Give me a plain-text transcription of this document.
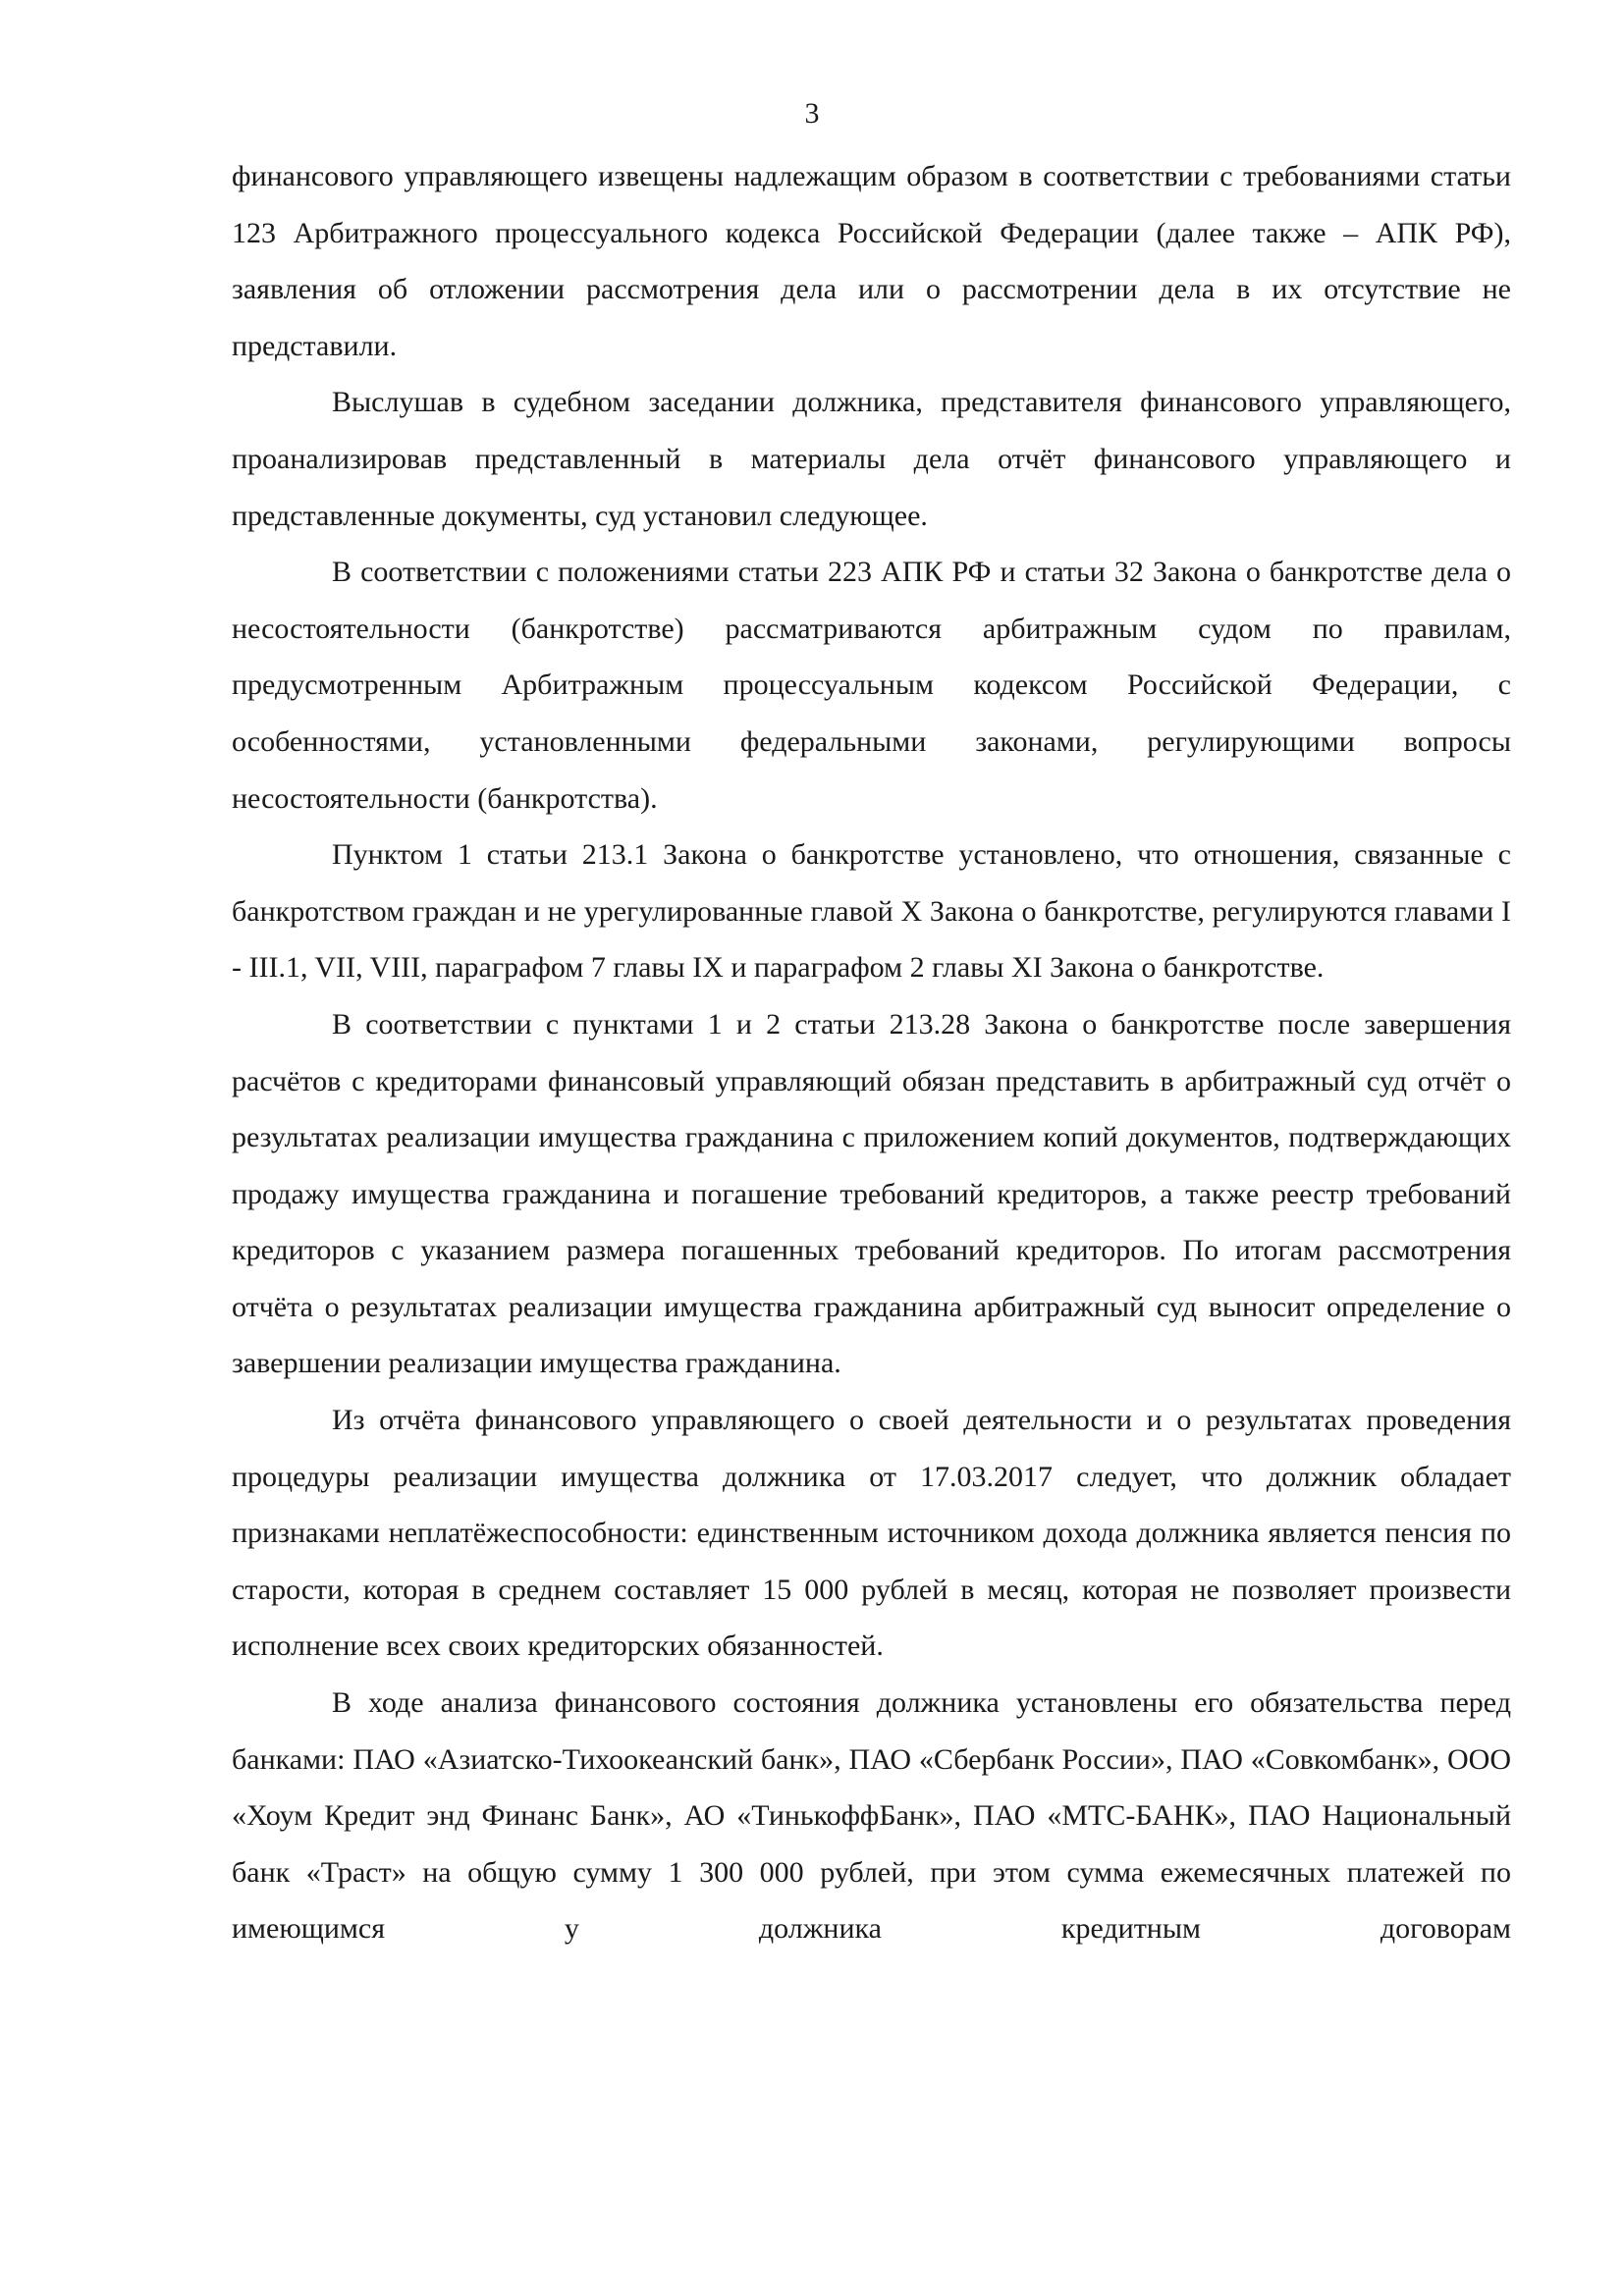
3

финансового управляющего извещены надлежащим образом в соответствии с требованиями статьи 123 Арбитражного процессуального кодекса Российской Федерации (далее также – АПК РФ), заявления об отложении рассмотрения дела или о рассмотрении дела в их отсутствие не представили.

Выслушав в судебном заседании должника, представителя финансового управляющего, проанализировав представленный в материалы дела отчёт финансового управляющего и представленные документы, суд установил следующее.

В соответствии с положениями статьи 223 АПК РФ и статьи 32 Закона о банкротстве дела о несостоятельности (банкротстве) рассматриваются арбитражным судом по правилам, предусмотренным Арбитражным процессуальным кодексом Российской Федерации, с особенностями, установленными федеральными законами, регулирующими вопросы несостоятельности (банкротства).

Пунктом 1 статьи 213.1 Закона о банкротстве установлено, что отношения, связанные с банкротством граждан и не урегулированные главой X Закона о банкротстве, регулируются главами I - III.1, VII, VIII, параграфом 7 главы IX и параграфом 2 главы XI Закона о банкротстве.

В соответствии с пунктами 1 и 2 статьи 213.28 Закона о банкротстве после завершения расчётов с кредиторами финансовый управляющий обязан представить в арбитражный суд отчёт о результатах реализации имущества гражданина с приложением копий документов, подтверждающих продажу имущества гражданина и погашение требований кредиторов, а также реестр требований кредиторов с указанием размера погашенных требований кредиторов. По итогам рассмотрения отчёта о результатах реализации имущества гражданина арбитражный суд выносит определение о завершении реализации имущества гражданина.

Из отчёта финансового управляющего о своей деятельности и о результатах проведения процедуры реализации имущества должника от 17.03.2017 следует, что должник обладает признаками неплатёжеспособности: единственным источником дохода должника является пенсия по старости, которая в среднем составляет 15 000 рублей в месяц, которая не позволяет произвести исполнение всех своих кредиторских обязанностей.

В ходе анализа финансового состояния должника установлены его обязательства перед банками: ПАО «Азиатско-Тихоокеанский банк», ПАО «Сбербанк России», ПАО «Совкомбанк», ООО «Хоум Кредит энд Финанс Банк», АО «ТинькоффБанк», ПАО «МТС-БАНК», ПАО Национальный банк «Траст» на общую сумму 1 300 000 рублей, при этом сумма ежемесячных платежей по имеющимся у должника кредитным договорам
